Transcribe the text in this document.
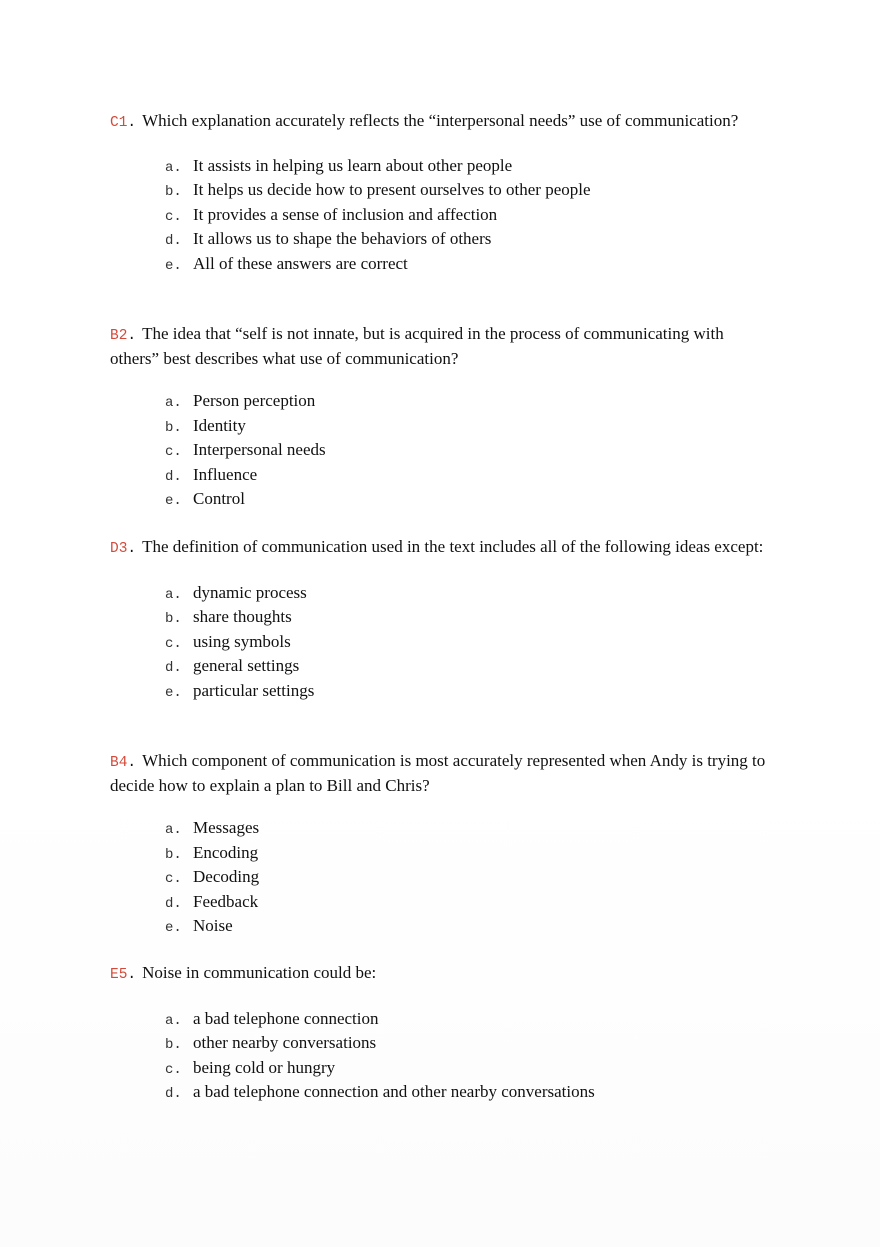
C1. Which explanation accurately reflects the “interpersonal needs” use of communication?

a. It assists in helping us learn about other people
b. It helps us decide how to present ourselves to other people
c. It provides a sense of inclusion and affection
d. It allows us to shape the behaviors of others
e. All of these answers are correct

B2. The idea that “self is not innate, but is acquired in the process of communicating with others” best describes what use of communication?

a. Person perception
b. Identity
c. Interpersonal needs
d. Influence
e. Control

D3. The definition of communication used in the text includes all of the following ideas except:

a. dynamic process
b. share thoughts
c. using symbols
d. general settings
e. particular settings

B4. Which component of communication is most accurately represented when Andy is trying to decide how to explain a plan to Bill and Chris?

a. Messages
b. Encoding
c. Decoding
d. Feedback
e. Noise

E5. Noise in communication could be:

a. a bad telephone connection
b. other nearby conversations
c. being cold or hungry
d. a bad telephone connection and other nearby conversations
